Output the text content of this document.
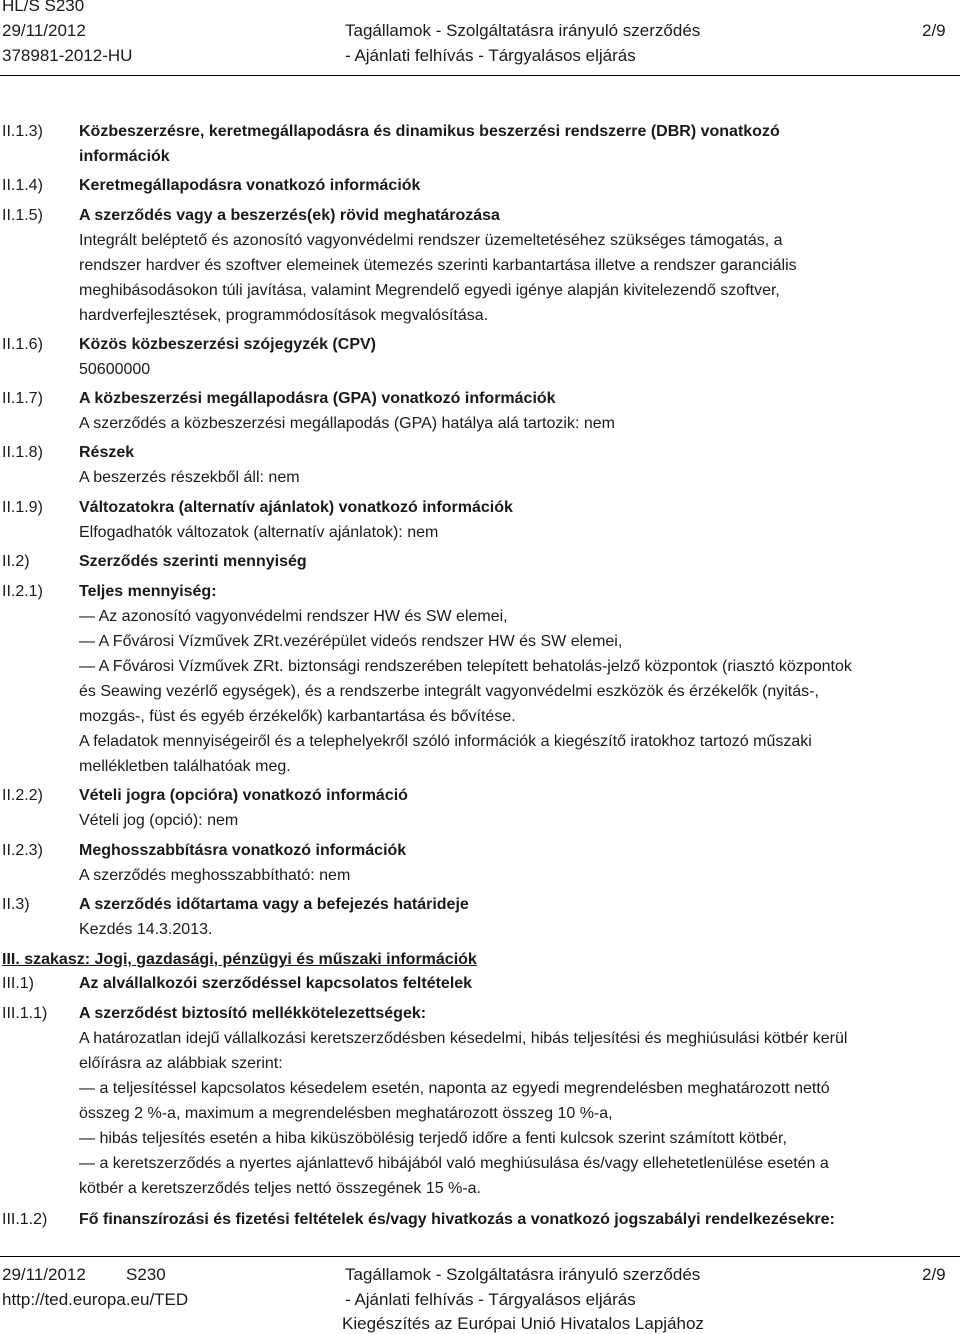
HL/S S230
29/11/2012
378981-2012-HU
Tagállamok - Szolgáltatásra irányuló szerződés
- Ajánlati felhívás - Tárgyalásos eljárás
2/9
II.1.3) Közbeszerzésre, keretmegállapodásra és dinamikus beszerzési rendszerre (DBR) vonatkozó
információk
II.1.4) Keretmegállapodásra vonatkozó információk
II.1.5) A szerződés vagy a beszerzés(ek) rövid meghatározása
Integrált beléptető és azonosító vagyonvédelmi rendszer üzemeltetéséhez szükséges támogatás, a
rendszer hardver és szoftver elemeinek ütemezés szerinti karbantartása illetve a rendszer garanciális
meghibásodásokon túli javítása, valamint Megrendelő egyedi igénye alapján kivitelezendő szoftver,
hardverfejlesztések, programmódosítások megvalósítása.
II.1.6) Közös közbeszerzési szójegyzék (CPV)
50600000
II.1.7) A közbeszerzési megállapodásra (GPA) vonatkozó információk
A szerződés a közbeszerzési megállapodás (GPA) hatálya alá tartozik: nem
II.1.8) Részek
A beszerzés részekből áll: nem
II.1.9) Változatokra (alternatív ajánlatok) vonatkozó információk
Elfogadhatók változatok (alternatív ajánlatok): nem
II.2)	Szerződés szerinti mennyiség
II.2.1) Teljes mennyiség:
— Az azonosító vagyonvédelmi rendszer HW és SW elemei,
— A Fővárosi Vízművek ZRt.vezérépület videós rendszer HW és SW elemei,
— A Fővárosi Vízművek ZRt. biztonsági rendszerében telepített behatolás-jelző központok (riasztó központok
és Seawing vezérlő egységek), és a rendszerbe integrált vagyonvédelmi eszközök és érzékelők (nyitás-,
mozgás-, füst és egyéb érzékelők) karbantartása és bővítése.
A feladatok mennyiségeiről és a telephelyekről szóló információk a kiegészítő iratokhoz tartozó műszaki
mellékletben találhatóak meg.
II.2.2) Vételi jogra (opcióra) vonatkozó információ
Vételi jog (opció): nem
II.2.3) Meghosszabbításra vonatkozó információk
A szerződés meghosszabbítható: nem
II.3)	A szerződés időtartama vagy a befejezés határideje
Kezdés 14.3.2013.
III. szakasz: Jogi, gazdasági, pénzügyi és műszaki információk
III.1)	Az alvállalkozói szerződéssel kapcsolatos feltételek
III.1.1) A szerződést biztosító mellékkötelezettségek:
A határozatlan idejű vállalkozási keretszerződésben késedelmi, hibás teljesítési és meghiúsulási kötbér kerül
előírásra az alábbiak szerint:
— a teljesítéssel kapcsolatos késedelem esetén, naponta az egyedi megrendelésben meghatározott nettó
összeg 2 %-a, maximum a megrendelésben meghatározott összeg 10 %-a,
— hibás teljesítés esetén a hiba kiküszöbölésig terjedő időre a fenti kulcsok szerint számított kötbér,
— a keretszerződés a nyertes ajánlattevő hibájából való meghiúsulása és/vagy ellehetetlenülése esetén a
kötbér a keretszerződés teljes nettó összegének 15 %-a.
III.1.2) Fő finanszírozási és fizetési feltételek és/vagy hivatkozás a vonatkozó jogszabályi rendelkezésekre:
29/11/2012 S230
http://ted.europa.eu/TED
Tagállamok - Szolgáltatásra irányuló szerződés
- Ajánlati felhívás - Tárgyalásos eljárás
Kiegészítés az Európai Unió Hivatalos Lapjához
2/9
